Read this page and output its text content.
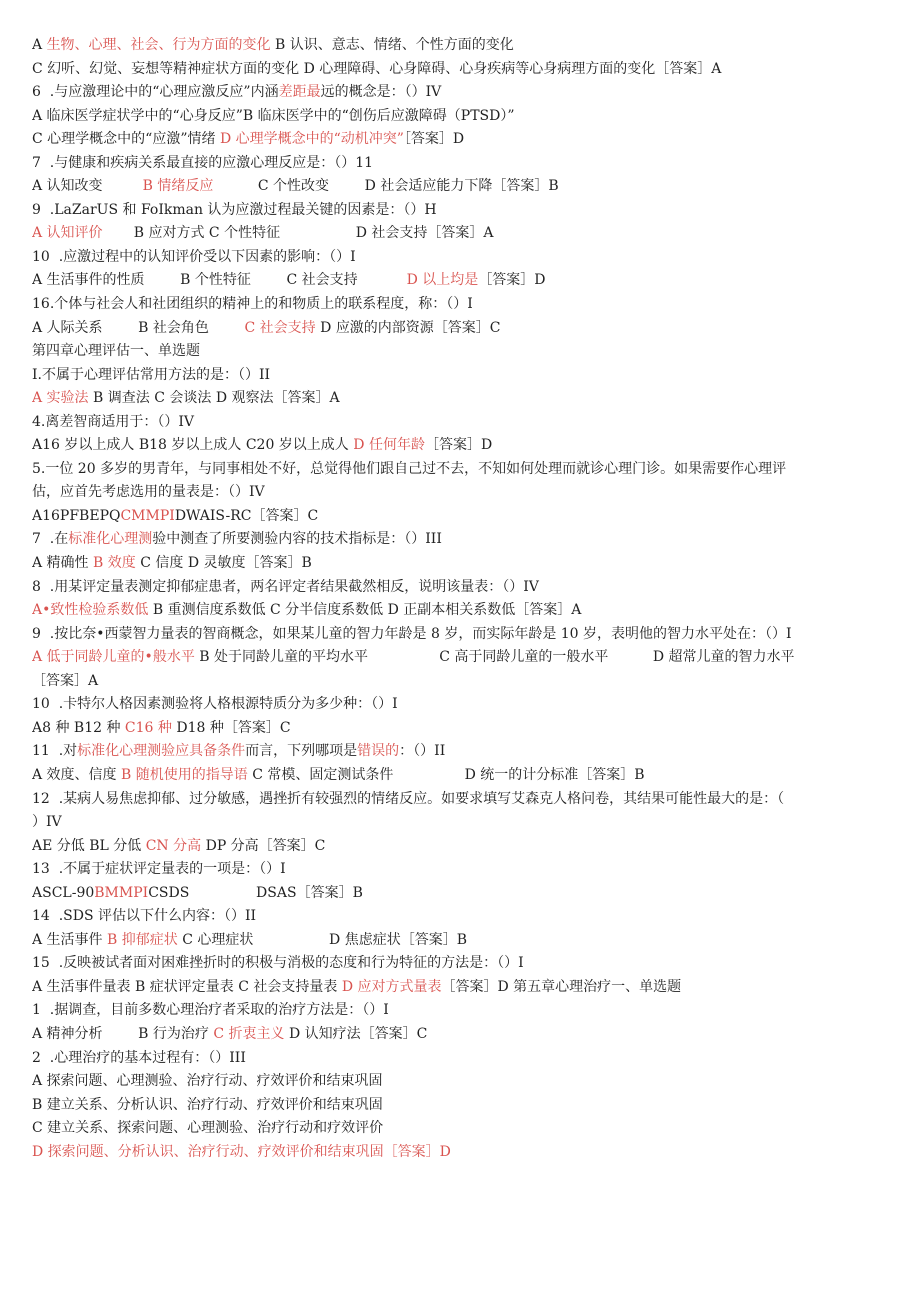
A 生物、心理、社会、行为方面的变化 B 认识、意志、情绪、个性方面的变化
C 幻听、幻觉、妄想等精神症状方面的变化 D 心理障碍、心身障碍、心身疾病等心身病理方面的变化［答案］A
6  .与应激理论中的“心理应激反应”内涵差距最远的概念是：（）IV
A 临床医学症状学中的“心身反应”B 临床医学中的“创伤后应激障碍（PTSD）”
C 心理学概念中的“应激”情绪 D 心理学概念中的“动机冲突”［答案］D
7  .与健康和疾病关系最直接的应激心理反应是：（）11
A 认知改变         B 情绪反应          C 个性改变        D 社会适应能力下降［答案］B
9  .LaZarUS 和 FoIkman 认为应激过程最关键的因素是：（）H
A 认知评价       B 应对方式 C 个性特征                 D 社会支持［答案］A
10  .应激过程中的认知评价受以下因素的影响：（）I
A 生活事件的性质        B 个性特征        C 社会支持           D 以上均是［答案］D
16.个体与社会人和社团组织的精神上的和物质上的联系程度，称：（）I
A 人际关系        B 社会角色        C 社会支持 D 应激的内部资源［答案］C
第四章心理评估一、单选题
I.不属于心理评估常用方法的是：（）II
A 实验法 B 调查法 C 会谈法 D 观察法［答案］A
4.离差智商适用于：（）IV
A16 岁以上成人 B18 岁以上成人 C20 岁以上成人 D 任何年龄［答案］D
5.一位 20 多岁的男青年，与同事相处不好，总觉得他们跟自己过不去，不知如何处理而就诊心理门诊。如果需要作心理评
估，应首先考虑选用的量表是：（）IV
A16PFBEPQCMMPIDWAIS-RC［答案］C
7  .在标准化心理测验中测查了所要测验内容的技术指标是：（）III
A 精确性 B 效度 C 信度 D 灵敏度［答案］B
8  .用某评定量表测定抑郁症患者，两名评定者结果截然相反，说明该量表：（）IV
A•致性检验系数低 B 重测信度系数低 C 分半信度系数低 D 正副本相关系数低［答案］A
9  .按比奈•西蒙智力量表的智商概念，如果某儿童的智力年龄是 8 岁，而实际年龄是 10 岁，表明他的智力水平处在：（）I
A 低于同龄儿童的•般水平 B 处于同龄儿童的平均水平                C 高于同龄儿童的一般水平          D 超常儿童的智力水平
［答案］A
10  .卡特尔人格因素测验将人格根源特质分为多少种：（）I
A8 种 B12 种 C16 种 D18 种［答案］C
11  .对标准化心理测验应具备条件而言，下列哪项是错误的：（）II
A 效度、信度 B 随机使用的指导语 C 常模、固定测试条件                D 统一的计分标准［答案］B
12  .某病人易焦虑抑郁、过分敏感，遇挫折有较强烈的情绪反应。如要求填写艾森克人格问卷，其结果可能性最大的是：（
）IV
AE 分低 BL 分低 CN 分高 DP 分高［答案］C
13  .不属于症状评定量表的一项是：（）I
ASCL-90BMMPICSDS               DSAS［答案］B
14  .SDS 评估以下什么内容：（）II
A 生活事件 B 抑郁症状 C 心理症状                 D 焦虑症状［答案］B
15  .反映被试者面对困难挫折时的积极与消极的态度和行为特征的方法是：（）I
A 生活事件量表 B 症状评定量表 C 社会支持量表 D 应对方式量表［答案］D 第五章心理治疗一、单选题
1  .据调查，目前多数心理治疗者采取的治疗方法是：（）I
A 精神分析        B 行为治疗 C 折衷主义 D 认知疗法［答案］C
2  .心理治疗的基本过程有：（）III
A 探索问题、心理测验、治疗行动、疗效评价和结束巩固
B 建立关系、分析认识、治疗行动、疗效评价和结束巩固
C 建立关系、探索问题、心理测验、治疗行动和疗效评价
D 探索问题、分析认识、治疗行动、疗效评价和结束巩固［答案］D
